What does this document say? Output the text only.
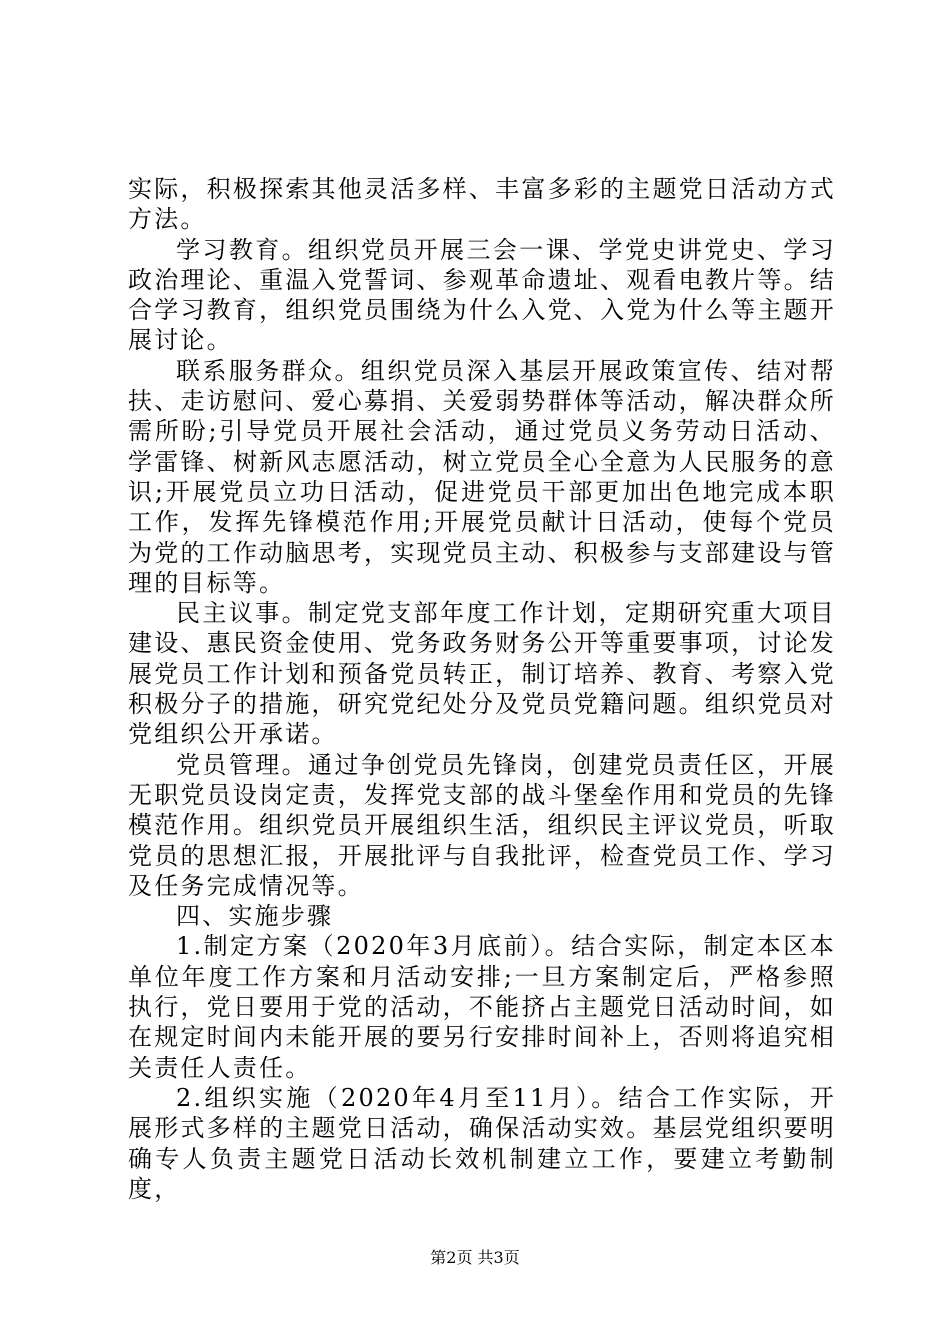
实际，积极探索其他灵活多样、丰富多彩的主题党日活动方式方法。

学习教育。组织党员开展三会一课、学党史讲党史、学习政治理论、重温入党誓词、参观革命遗址、观看电教片等。结合学习教育，组织党员围绕为什么入党、入党为什么等主题开展讨论。

联系服务群众。组织党员深入基层开展政策宣传、结对帮扶、走访慰问、爱心募捐、关爱弱势群体等活动，解决群众所需所盼;引导党员开展社会活动，通过党员义务劳动日活动、学雷锋、树新风志愿活动，树立党员全心全意为人民服务的意识;开展党员立功日活动，促进党员干部更加出色地完成本职工作，发挥先锋模范作用;开展党员献计日活动，使每个党员为党的工作动脑思考，实现党员主动、积极参与支部建设与管理的目标等。

民主议事。制定党支部年度工作计划，定期研究重大项目建设、惠民资金使用、党务政务财务公开等重要事项，讨论发展党员工作计划和预备党员转正，制订培养、教育、考察入党积极分子的措施，研究党纪处分及党员党籍问题。组织党员对党组织公开承诺。

党员管理。通过争创党员先锋岗，创建党员责任区，开展无职党员设岗定责，发挥党支部的战斗堡垒作用和党员的先锋模范作用。组织党员开展组织生活，组织民主评议党员，听取党员的思想汇报，开展批评与自我批评，检查党员工作、学习及任务完成情况等。

四、实施步骤

1.制定方案（2020年3月底前）。结合实际，制定本区本单位年度工作方案和月活动安排;一旦方案制定后，严格参照执行，党日要用于党的活动，不能挤占主题党日活动时间，如在规定时间内未能开展的要另行安排时间补上，否则将追究相关责任人责任。

2.组织实施（2020年4月至11月）。结合工作实际，开展形式多样的主题党日活动，确保活动实效。基层党组织要明确专人负责主题党日活动长效机制建立工作，要建立考勤制度，

第2页 共3页
